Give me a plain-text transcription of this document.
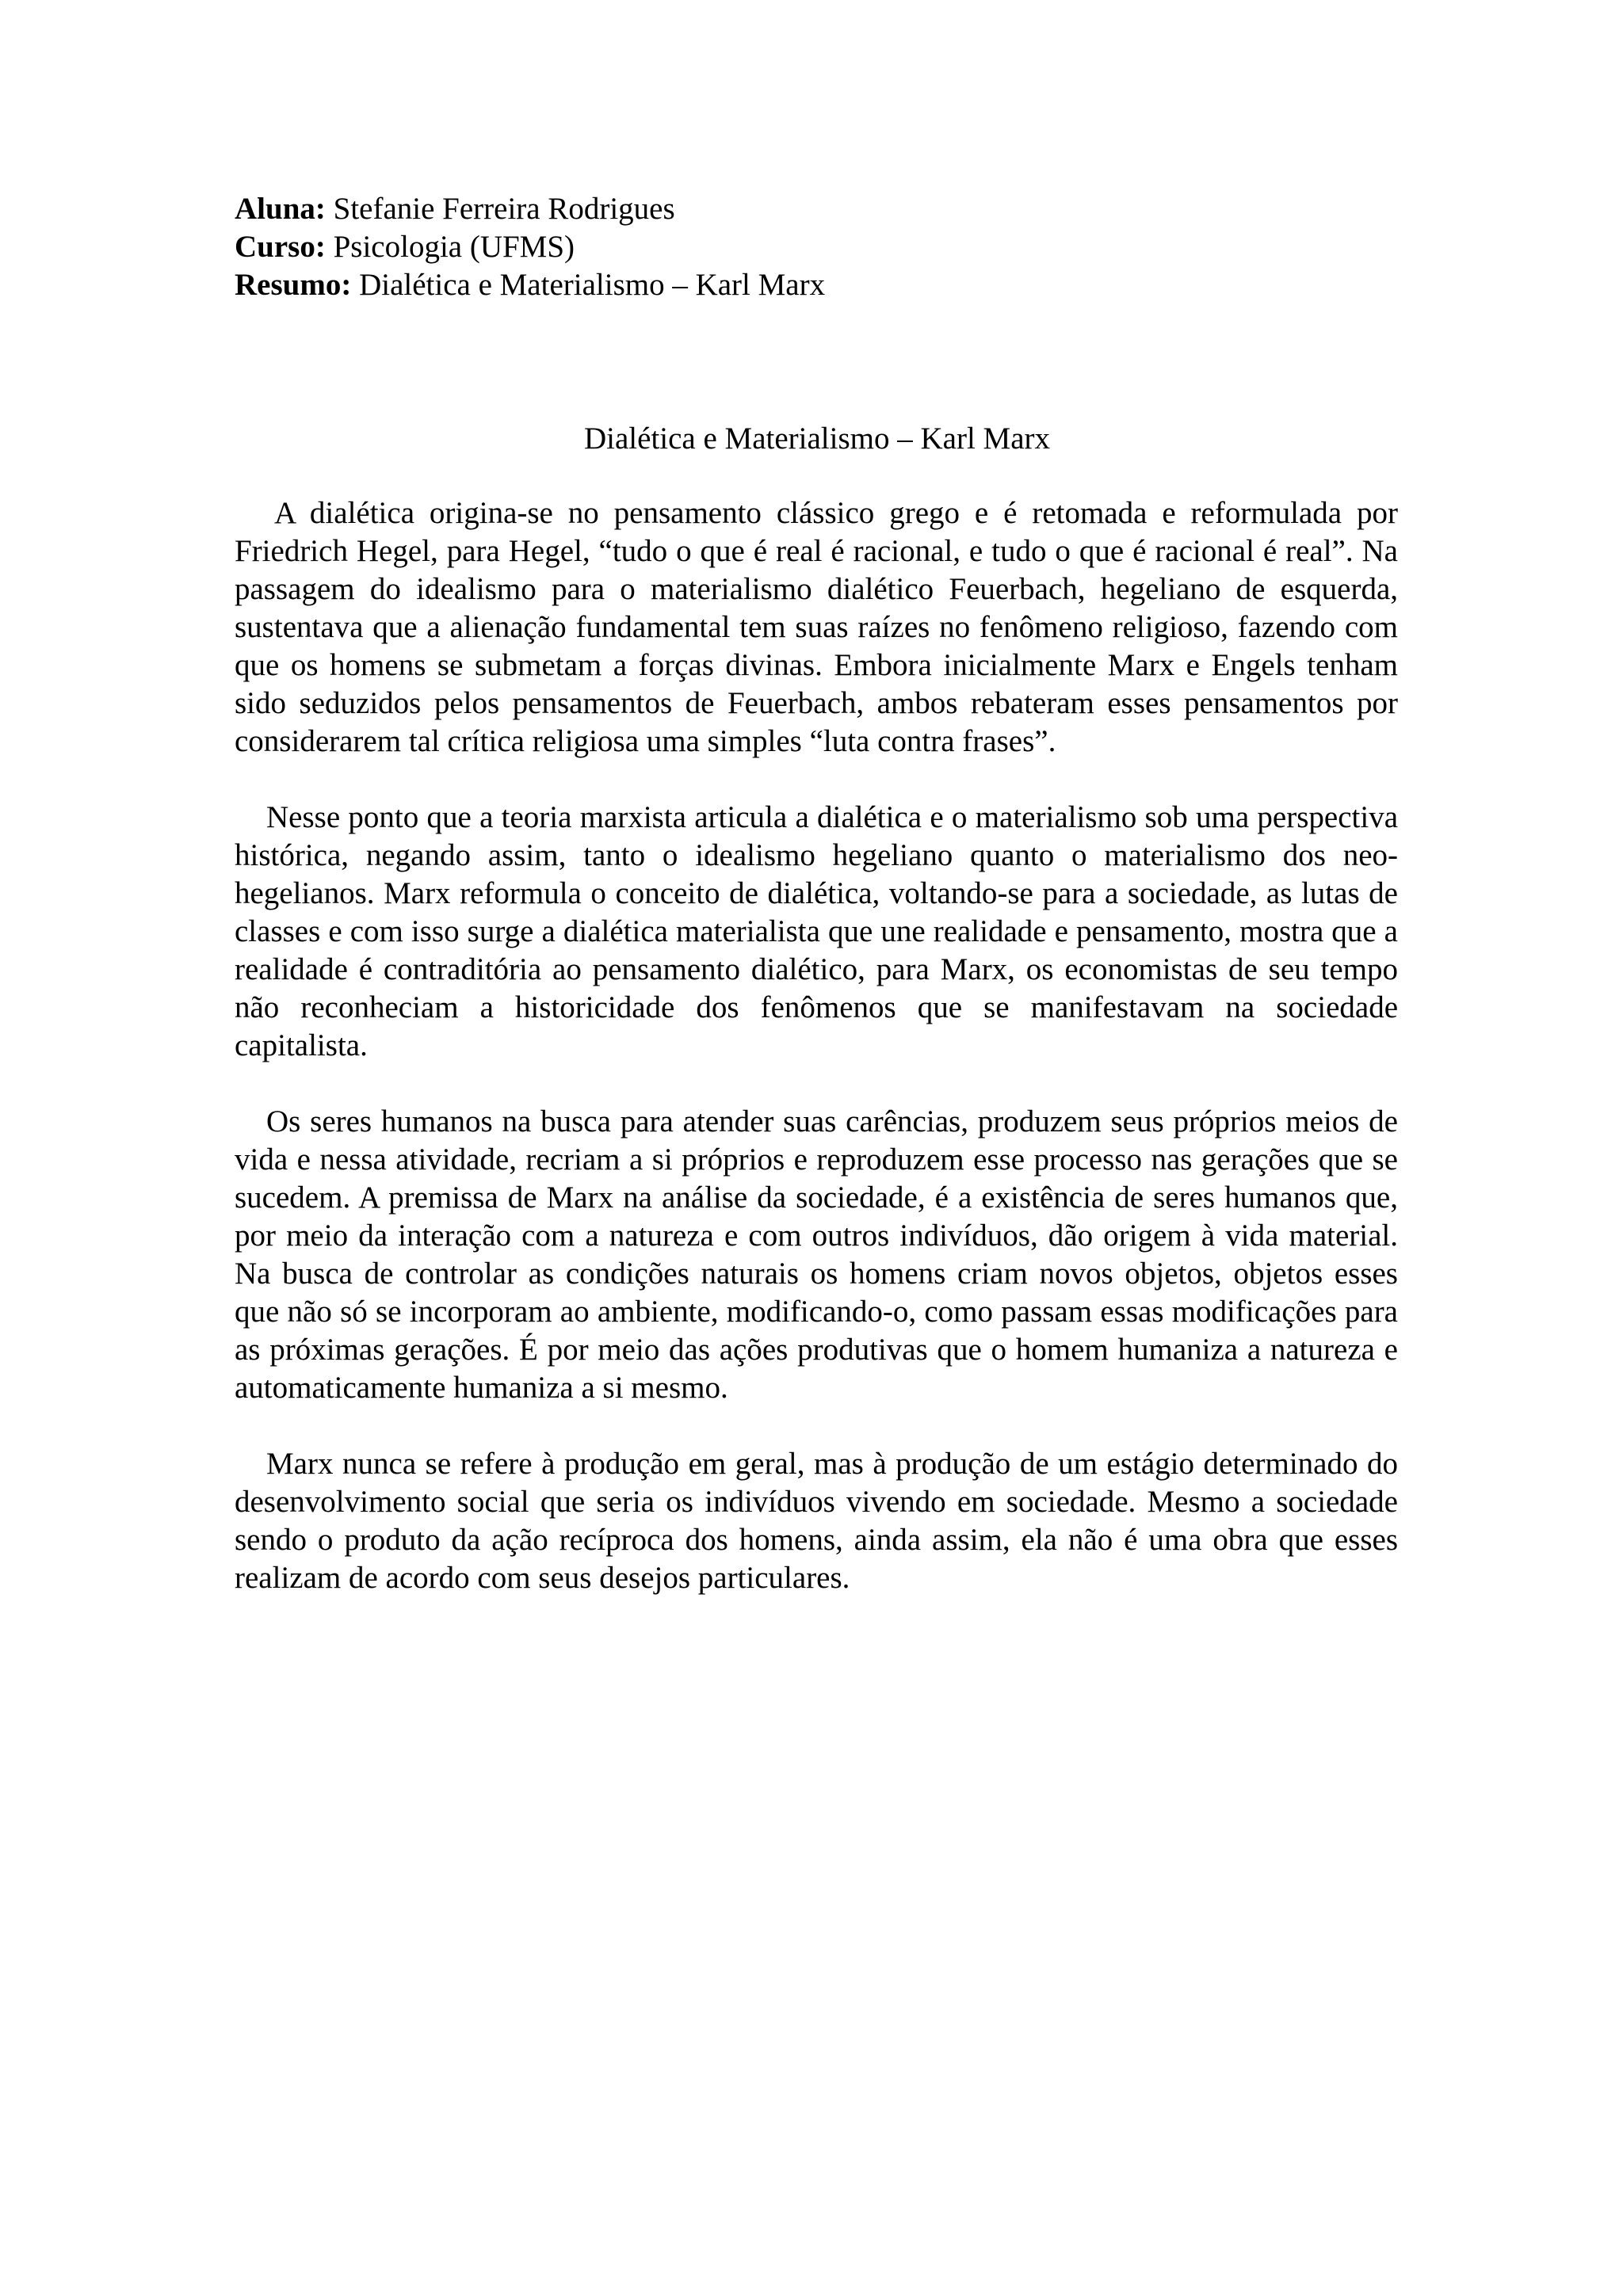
Aluna: Stefanie Ferreira Rodrigues
Curso: Psicologia (UFMS)
Resumo: Dialética e Materialismo – Karl Marx
Dialética e Materialismo – Karl Marx

A dialética origina-se no pensamento clássico grego e é retomada e reformulada por Friedrich Hegel, para Hegel, “tudo o que é real é racional, e tudo o que é racional é real”. Na passagem do idealismo para o materialismo dialético Feuerbach, hegeliano de esquerda, sustentava que a alienação fundamental tem suas raízes no fenômeno religioso, fazendo com que os homens se submetam a forças divinas. Embora inicialmente Marx e Engels tenham sido seduzidos pelos pensamentos de Feuerbach, ambos rebateram esses pensamentos por considerarem tal crítica religiosa uma simples “luta contra frases”.

Nesse ponto que a teoria marxista articula a dialética e o materialismo sob uma perspectiva histórica, negando assim, tanto o idealismo hegeliano quanto o materialismo dos neo-hegelianos. Marx reformula o conceito de dialética, voltando-se para a sociedade, as lutas de classes e com isso surge a dialética materialista que une realidade e pensamento, mostra que a realidade é contraditória ao pensamento dialético, para Marx, os economistas de seu tempo não reconheciam a historicidade dos fenômenos que se manifestavam na sociedade capitalista.

Os seres humanos na busca para atender suas carências, produzem seus próprios meios de vida e nessa atividade, recriam a si próprios e reproduzem esse processo nas gerações que se sucedem. A premissa de Marx na análise da sociedade, é a existência de seres humanos que, por meio da interação com a natureza e com outros indivíduos, dão origem à vida material. Na busca de controlar as condições naturais os homens criam novos objetos, objetos esses que não só se incorporam ao ambiente, modificando-o, como passam essas modificações para as próximas gerações. É por meio das ações produtivas que o homem humaniza a natureza e automaticamente humaniza a si mesmo.

Marx nunca se refere à produção em geral, mas à produção de um estágio determinado do desenvolvimento social que seria os indivíduos vivendo em sociedade. Mesmo a sociedade sendo o produto da ação recíproca dos homens, ainda assim, ela não é uma obra que esses realizam de acordo com seus desejos particulares.
